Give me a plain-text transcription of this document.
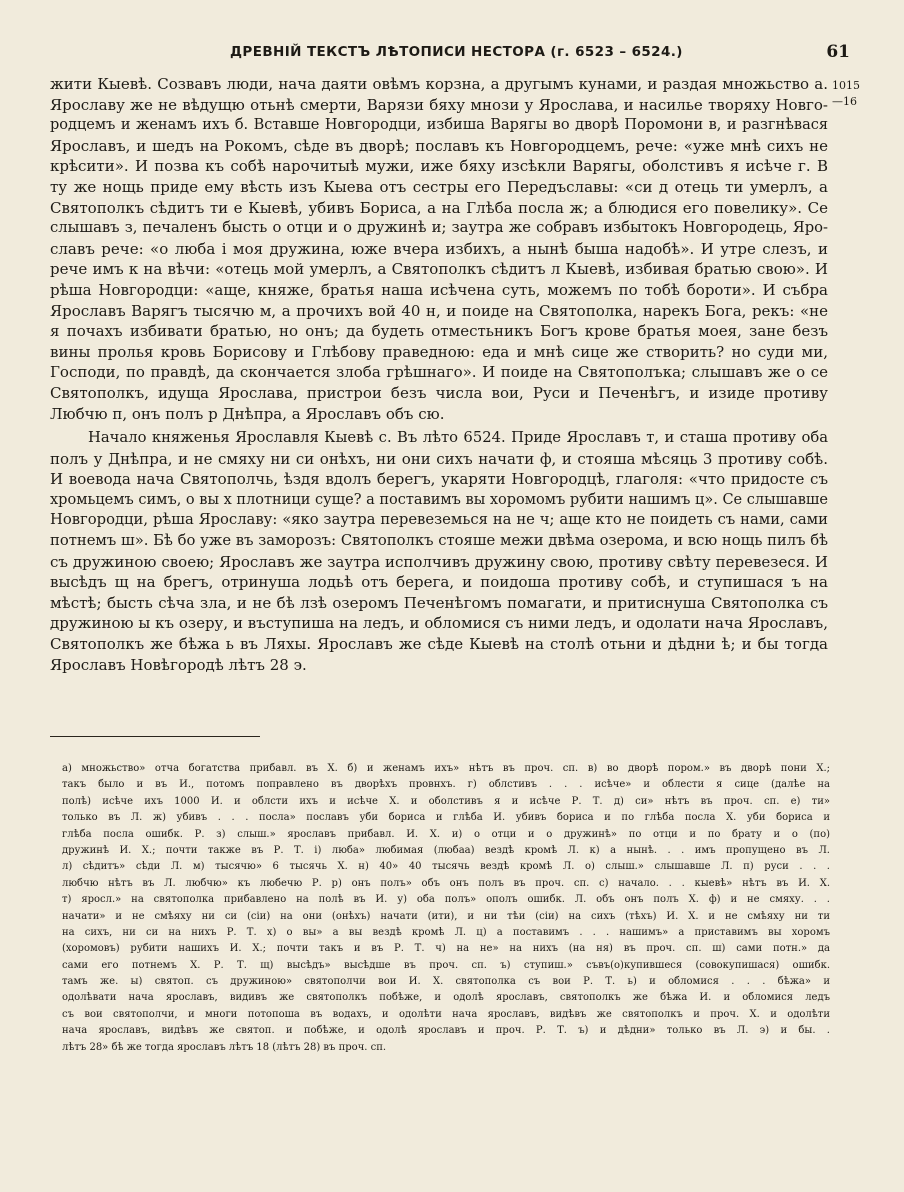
ДРЕВНІЙ ТЕКСТЪ ЛѢТОПИСИ НЕСТОРА (г. 6523 – 6524.)	61
1015
—16
жити Кыевѣ. Созвавъ люди, нача даяти овѣмъ корзна, а другымъ кунами, и раздая множьство а.
Ярославу же не вѣдущю отьнѣ смерти, Варязи бяху мнози у Ярослава, и насилье творяху Новго-
родцемъ и женамъ ихъ б. Вставше Новгородци, избиша Варягы во дворѣ Поромони в, и разгнѣвася
Ярославъ, и шедъ на Рокомъ, сѣде въ дворѣ; пославъ къ Новгородцемъ, рече: «уже мнѣ сихъ не
крѣсити». И позва къ собѣ нарочитыѣ мужи, иже бяху изсѣкли Варягы, оболстивъ я исѣче г. В
ту же нощь приде ему вѣсть изъ Кыева отъ сестры его Передъславы: «си д отець ти умерлъ, а
Святополкъ сѣдитъ ти е Кыевѣ, убивъ Бориса, а на Глѣба посла ж; а блюдися его повелику». Се
слышавъ з, печаленъ бысть о отци и о дружинѣ и; заутра же собравъ избытокъ Новгородець, Яро-
славъ рече: «о люба і моя дружина, юже вчера избихъ, а нынѣ быша надобѣ». И утре слезъ, и
рече имъ к на вѣчи: «отець мой умерлъ, а Святополкъ сѣдитъ л Кыевѣ, избивая братью свою». И
рѣша Новгородци: «аще, княже, братья наша исѣчена суть, можемъ по тобѣ бороти». И събра
Ярославъ Варягъ тысячю м, а прочихъ вой 40 н, и поиде на Святополка, нарекъ Бога, рекъ: «не
я почахъ избивати братью, но онъ; да будеть отместьникъ Богъ крове братья моея, зане безъ
вины пролья кровь Борисову и Глѣбову праведною: еда и мнѣ сице же створить? но суди ми,
Господи, по правдѣ, да скончается злоба грѣшнаго». И поиде на Святополъка; слышавъ же о се
Святополкъ, идуща Ярослава, пристрои безъ числа вои, Руси и Печенѣгъ, и изиде противу
Любчю п, онъ полъ р Днѣпра, а Ярославъ объ сю.
Начало княженья Ярославля Кыевѣ с. Въ лѣто 6524. Приде Ярославъ т, и сташа противу оба
полъ у Днѣпра, и не смяху ни си онѣхъ, ни они сихъ начати ф, и стояша мѣсяць 3 противу собѣ.
И воевода нача Святополчь, ѣздя вдолъ берегъ, укаряти Новгородцѣ, глаголя: «что придосте съ
хромьцемъ симъ, о вы х плотници суще? а поставимъ вы хоромомъ рубити нашимъ ц». Се слышавше
Новгородци, рѣша Ярославу: «яко заутра перевеземься на не ч; аще кто не поидеть съ нами, сами
потнемъ ш». Бѣ бо уже въ заморозъ: Святополкъ стояше межи двѣма озерома, и всю нощь пилъ бѣ
съ дружиною своею; Ярославъ же заутра исполчивъ дружину свою, противу свѣту перевезеся. И
высѣдъ щ на брегъ, отринуша лодьѣ отъ берега, и поидоша противу собѣ, и ступишася ъ на
мѣстѣ; бысть сѣча зла, и не бѣ лзѣ озеромъ Печенѣгомъ помагати, и притиснуша Святополка съ
дружиною ы къ озеру, и въступиша на ледъ, и обломися съ ними ледъ, и одолати нача Ярославъ,
Святополкъ же бѣжа ь въ Ляхы. Ярославъ же сѣде Кыевѣ на столѣ отьни и дѣдни ѣ; и бы тогда
Ярославъ Новѣгородѣ лѣтъ 28 э.
а) множьство» отча богатства прибавл. въ Х. б) и женамъ ихъ» нѣтъ въ проч. сп. в) во дворѣ пором.» въ дворѣ пони Х.;
такъ было и въ И., потомъ поправлено въ дворѣхъ провнхъ. г) облстивъ . . . исѣче» и облести я сице (далѣе на
полѣ) исѣче ихъ 1000 И. и облсти ихъ и исѣче Х. и оболстивъ я и исѣче Р. Т. д) си» нѣтъ въ проч. сп. е) ти»
только въ Л. ж) убивъ . . . посла» пославъ уби бориса и глѣба И. убивъ бориса и по глѣба посла Х. уби бориса и
глѣба посла ошибк. Р. з) слыш.» ярославъ прибавл. И. Х. и) о отци и о дружинѣ» по отци и по брату и о (по)
дружинѣ И. Х.; почти также въ Р. Т. і) люба» любимая (любаа) вездѣ кромѣ Л. к) а нынѣ. . . имъ пропущено въ Л.
л) сѣдитъ» сѣди Л. м) тысячю» 6 тысячь Х. н) 40» 40 тысячь вездѣ кромѣ Л. о) слыш.» слышавше Л. п) руси . . .
любчю нѣтъ въ Л. любчю» къ любечю Р. р) онъ полъ» объ онъ полъ въ проч. сп. с) начало. . . кыевѣ» нѣтъ въ И. Х.
т) яросл.» на святополка прибавлено на полѣ въ И. у) оба полъ» ополъ ошибк. Л. объ онъ полъ Х. ф) и не смяху. . .
начати» и не смѣяху ни си (сіи) на они (онѣхъ) начати (ити), и ни тѣи (сіи) на сихъ (тѣхъ) И. Х. и не смѣяху ни ти
на сихъ, ни си на нихъ Р. Т. х) о вы» а вы вездѣ кромѣ Л. ц) а поставимъ . . . нашимъ» а приставимъ вы хоромъ
(хоромовъ) рубити нашихъ И. Х.; почти такъ и въ Р. Т. ч) на не» на нихъ (на ня) въ проч. сп. ш) сами потн.» да
сами его потнемъ Х. Р. Т. щ) высѣдъ» высѣдше въ проч. сп. ъ) ступиш.» съвъ(о)купившеся (совокупишася) ошибк.
тамъ же. ы) святоп. съ дружиною» святополчи вои И. Х. святополка съ вои Р. Т. ь) и обломися . . . бѣжа» и
одолѣвати нача ярославъ, видивъ же святополкъ побѣже, и одолѣ ярославъ, святополкъ же бѣжа И. и обломися ледъ
съ вои святополчи, и многи потопоша въ водахъ, и одолѣти нача ярославъ, видѣвъ же святополкъ и проч. Х. и одолѣти
нача ярославъ, видѣвъ же святоп. и побѣже, и одолѣ ярославъ и проч. Р. Т. ъ) и дѣдни» только въ Л. э) и бы. .
лѣтъ 28» бѣ же тогда ярославъ лѣтъ 18 (лѣтъ 28) въ проч. сп.
